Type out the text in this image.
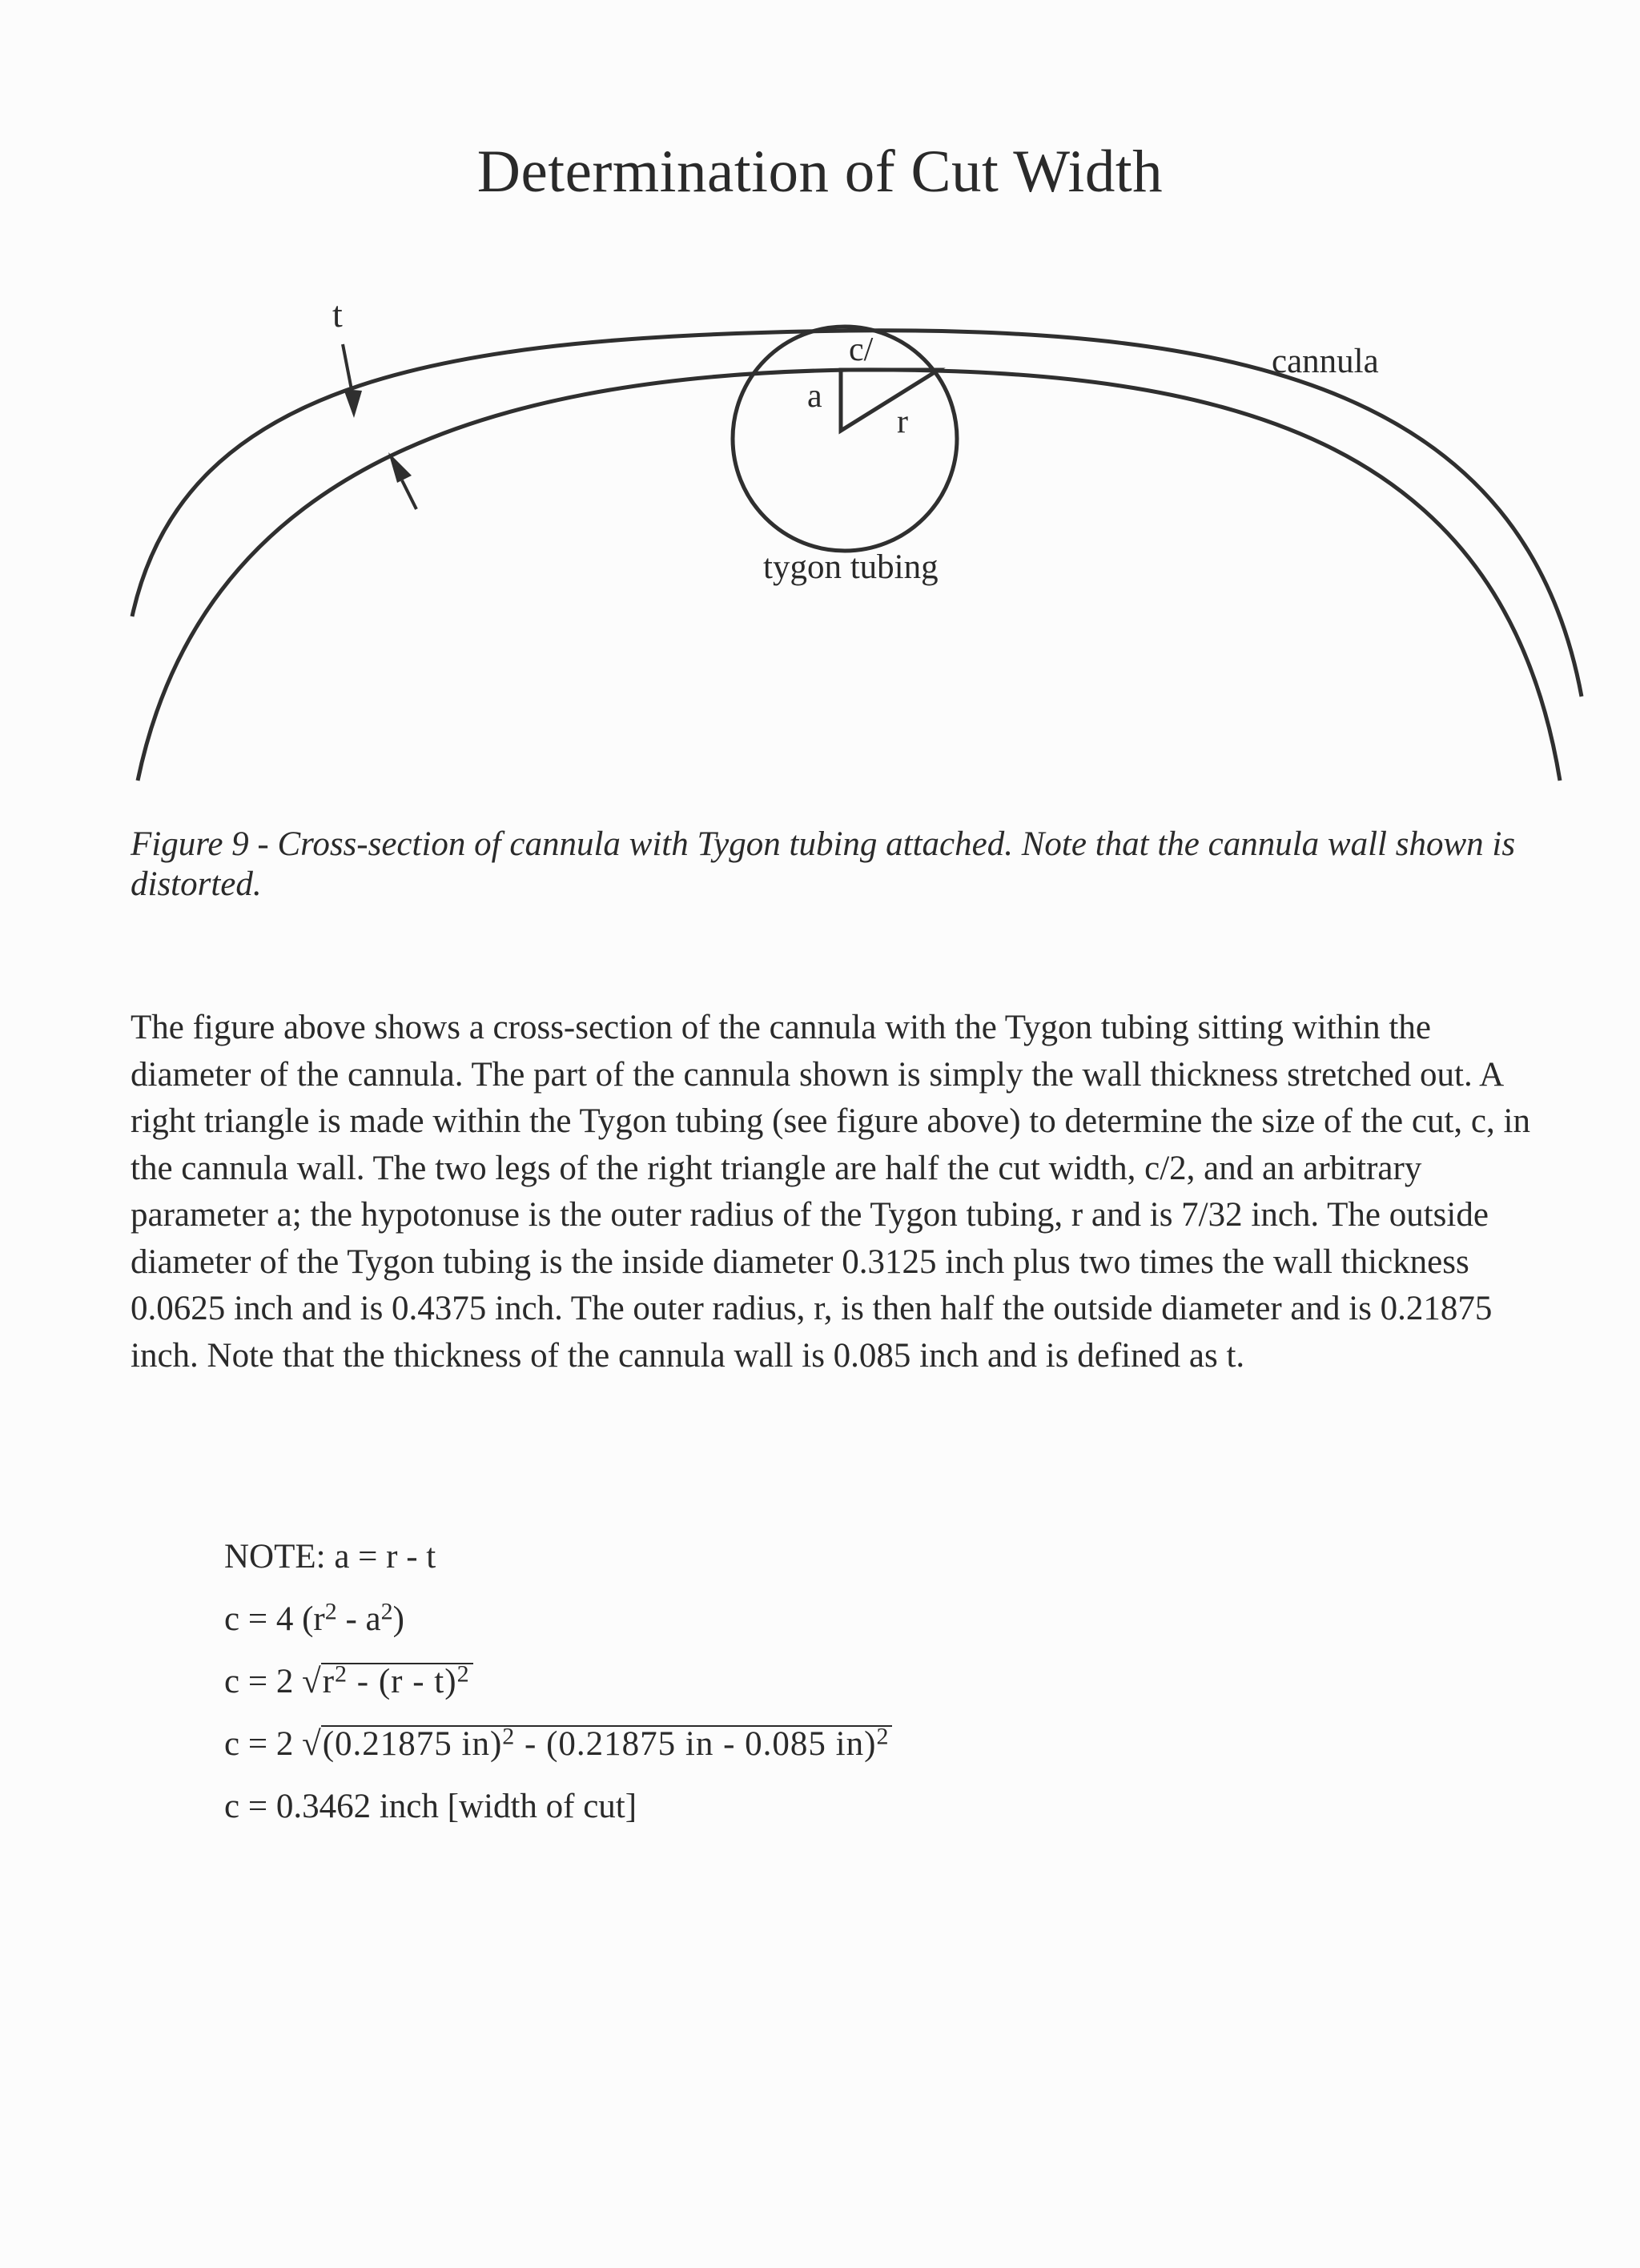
Determination of Cut Width
t
c/
a
r
cannula
tygon tubing

Figure 9 - Cross-section of cannula with Tygon tubing attached. Note that the cannula wall shown is distorted.

The figure above shows a cross-section of the cannula with the Tygon tubing sitting within the diameter of the cannula. The part of the cannula shown is simply the wall thickness stretched out. A right triangle is made within the Tygon tubing (see figure above) to determine the size of the cut, c, in the cannula wall. The two legs of the right triangle are half the cut width, c/2, and an arbitrary parameter a; the hypotonuse is the outer radius of the Tygon tubing, r and is 7/32 inch. The outside diameter of the Tygon tubing is the inside diameter 0.3125 inch plus two times the wall thickness 0.0625 inch and is 0.4375 inch. The outer radius, r, is then half the outside diameter and is 0.21875 inch. Note that the thickness of the cannula wall is 0.085 inch and is defined as t.

NOTE: a = r - t
c = 4 $(r^2 - a^2)$
c = 2 $√r^2 - (r - t)^2$
c = 2 √(0.21875 in)$^2$ - (0.21875 in - 0.085 in)$^2$
c = 0.3462 inch [width of cut]
